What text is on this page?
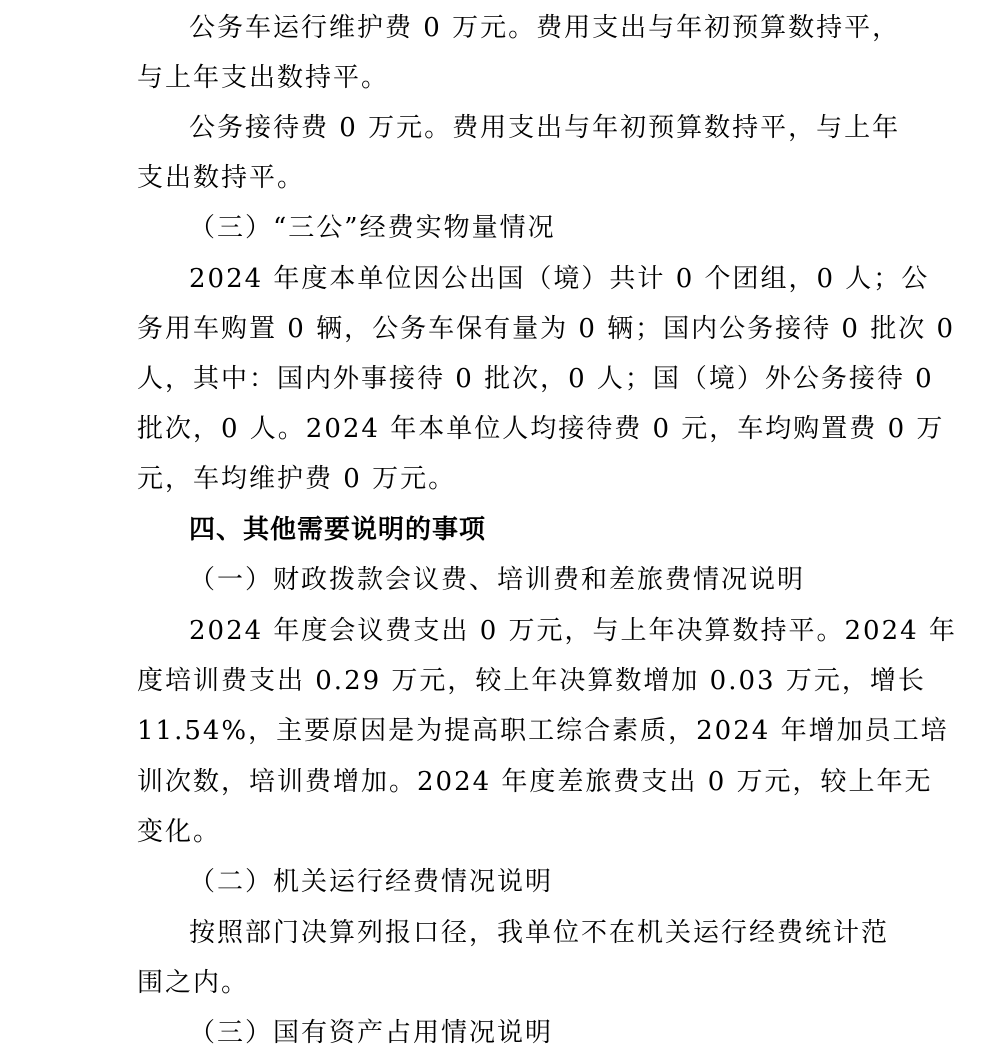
公务车运行维护费 0 万元。费用支出与年初预算数持平，
与上年支出数持平。
公务接待费 0 万元。费用支出与年初预算数持平，与上年
支出数持平。
（三）“三公”经费实物量情况
2024 年度本单位因公出国（境）共计 0 个团组，0 人；公
务用车购置 0 辆，公务车保有量为 0 辆；国内公务接待 0 批次 0
人，其中：国内外事接待 0 批次，0 人；国（境）外公务接待 0
批次，0 人。2024 年本单位人均接待费 0 元，车均购置费 0 万
元，车均维护费 0 万元。
四、其他需要说明的事项
（一）财政拨款会议费、培训费和差旅费情况说明
2024 年度会议费支出 0 万元，与上年决算数持平。2024 年
度培训费支出 0.29 万元，较上年决算数增加 0.03 万元，增长
11.54%，主要原因是为提高职工综合素质，2024 年增加员工培
训次数，培训费增加。2024 年度差旅费支出 0 万元，较上年无
变化。
（二）机关运行经费情况说明
按照部门决算列报口径，我单位不在机关运行经费统计范
围之内。
（三）国有资产占用情况说明
